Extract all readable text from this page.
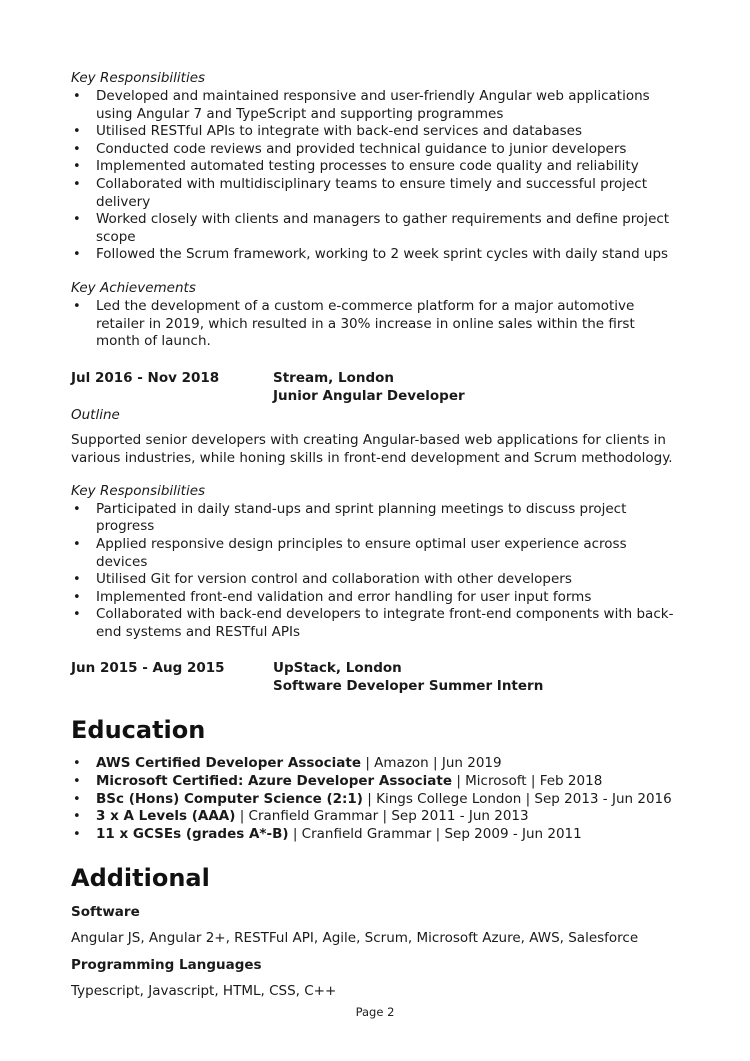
Key Responsibilities

• Developed and maintained responsive and user-friendly Angular web applications using Angular 7 and TypeScript and supporting programmes
• Utilised RESTful APIs to integrate with back-end services and databases
• Conducted code reviews and provided technical guidance to junior developers
• Implemented automated testing processes to ensure code quality and reliability
• Collaborated with multidisciplinary teams to ensure timely and successful project delivery
• Worked closely with clients and managers to gather requirements and define project scope
• Followed the Scrum framework, working to 2 week sprint cycles with daily stand ups

Key Achievements

• Led the development of a custom e-commerce platform for a major automotive retailer in 2019, which resulted in a 30% increase in online sales within the first month of launch.
Jul 2016 - Nov 2018	Stream, London
Junior Angular Developer

Outline

Supported senior developers with creating Angular-based web applications for clients in various industries, while honing skills in front-end development and Scrum methodology.

Key Responsibilities

• Participated in daily stand-ups and sprint planning meetings to discuss project progress
• Applied responsive design principles to ensure optimal user experience across devices
• Utilised Git for version control and collaboration with other developers
• Implemented front-end validation and error handling for user input forms
• Collaborated with back-end developers to integrate front-end components with back-end systems and RESTful APIs
Jun 2015 - Aug 2015	UpStack, London
Software Developer Summer Intern
Education
• AWS Certified Developer Associate | Amazon | Jun 2019
• Microsoft Certified: Azure Developer Associate | Microsoft | Feb 2018
• BSc (Hons) Computer Science (2:1) | Kings College London | Sep 2013 - Jun 2016
• 3 x A Levels (AAA) | Cranfield Grammar | Sep 2011 - Jun 2013
• 11 x GCSEs (grades A*-B) | Cranfield Grammar | Sep 2009 - Jun 2011
Additional

Software

Angular JS, Angular 2+, RESTFul API, Agile, Scrum, Microsoft Azure, AWS, Salesforce

Programming Languages

Typescript, Javascript, HTML, CSS, C++

Page 2
